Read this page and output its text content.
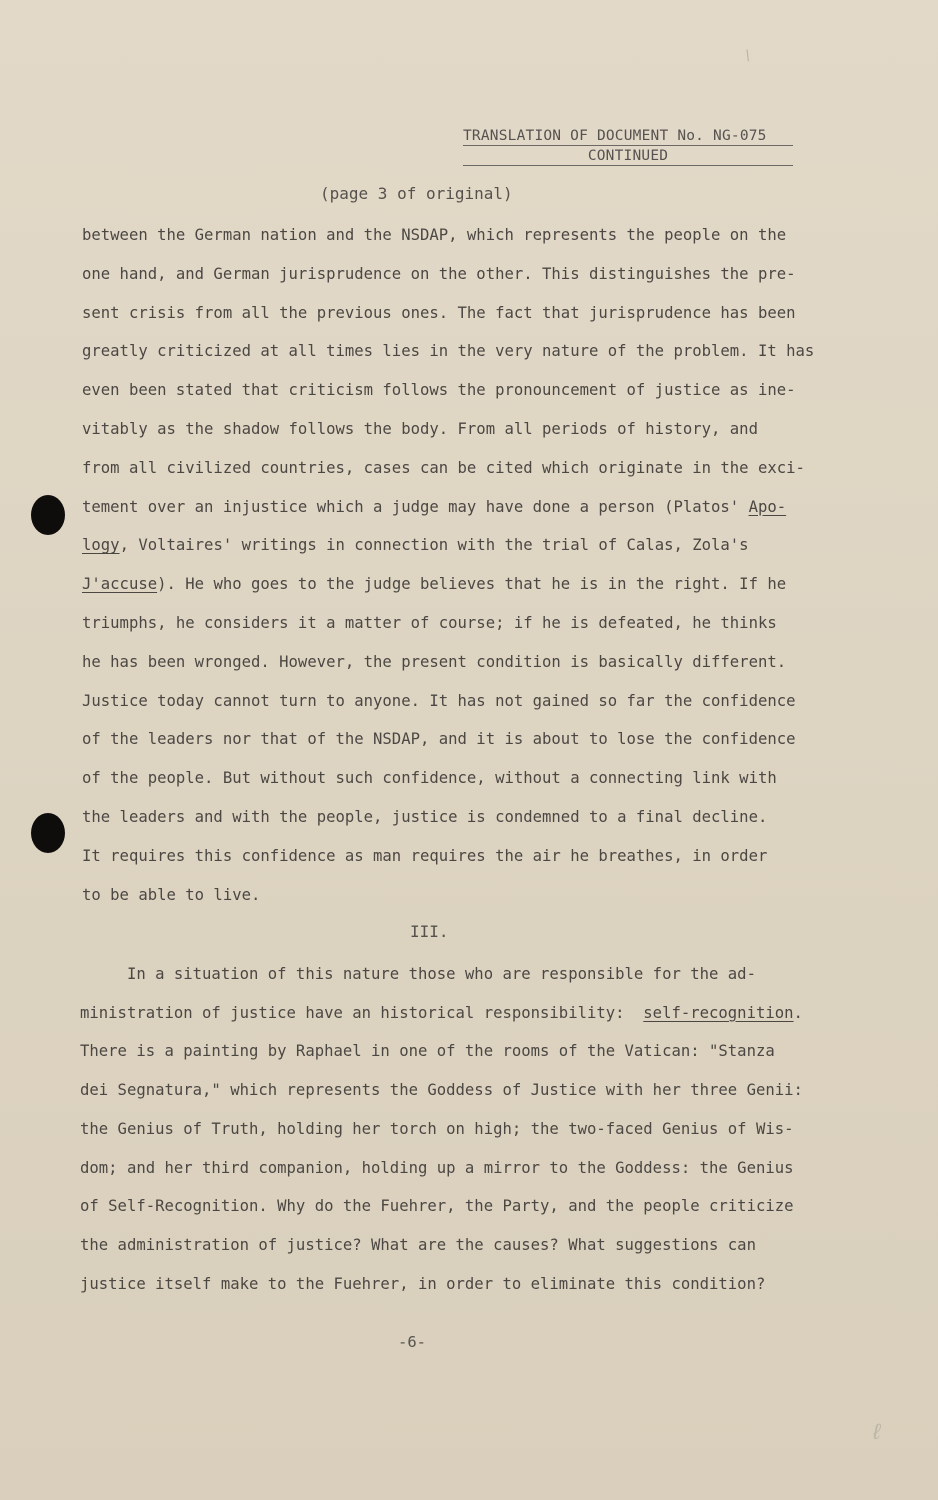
\
ℓ
TRANSLATION OF DOCUMENT No. NG-075
CONTINUED
(page 3 of original)

between the German nation and the NSDAP, which represents the people on the

one hand, and German jurisprudence on the other. This distinguishes the pre-

sent crisis from all the previous ones. The fact that jurisprudence has been

greatly criticized at all times lies in the very nature of the problem. It has

even been stated that criticism follows the pronouncement of justice as ine-

vitably as the shadow follows the body. From all periods of history, and

from all civilized countries, cases can be cited which originate in the exci-

tement over an injustice which a judge may have done a person (Platos' Apo-

logy, Voltaires' writings in connection with the trial of Calas, Zola's

J'accuse). He who goes to the judge believes that he is in the right. If he

triumphs, he considers it a matter of course; if he is defeated, he thinks

he has been wronged. However, the present condition is basically different.

Justice today cannot turn to anyone. It has not gained so far the confidence

of the leaders nor that of the NSDAP, and it is about to lose the confidence

of the people. But without such confidence, without a connecting link with

the leaders and with the people, justice is condemned to a final decline.

It requires this confidence as man requires the air he breathes, in order

to be able to live.

III.

In a situation of this nature those who are responsible for the ad-

ministration of justice have an historical responsibility:  self-recognition.

There is a painting by Raphael in one of the rooms of the Vatican: "Stanza

dei Segnatura," which represents the Goddess of Justice with her three Genii:

the Genius of Truth, holding her torch on high; the two-faced Genius of Wis-

dom; and her third companion, holding up a mirror to the Goddess: the Genius

of Self-Recognition. Why do the Fuehrer, the Party, and the people criticize

the administration of justice? What are the causes? What suggestions can

justice itself make to the Fuehrer, in order to eliminate this condition?

-6-
